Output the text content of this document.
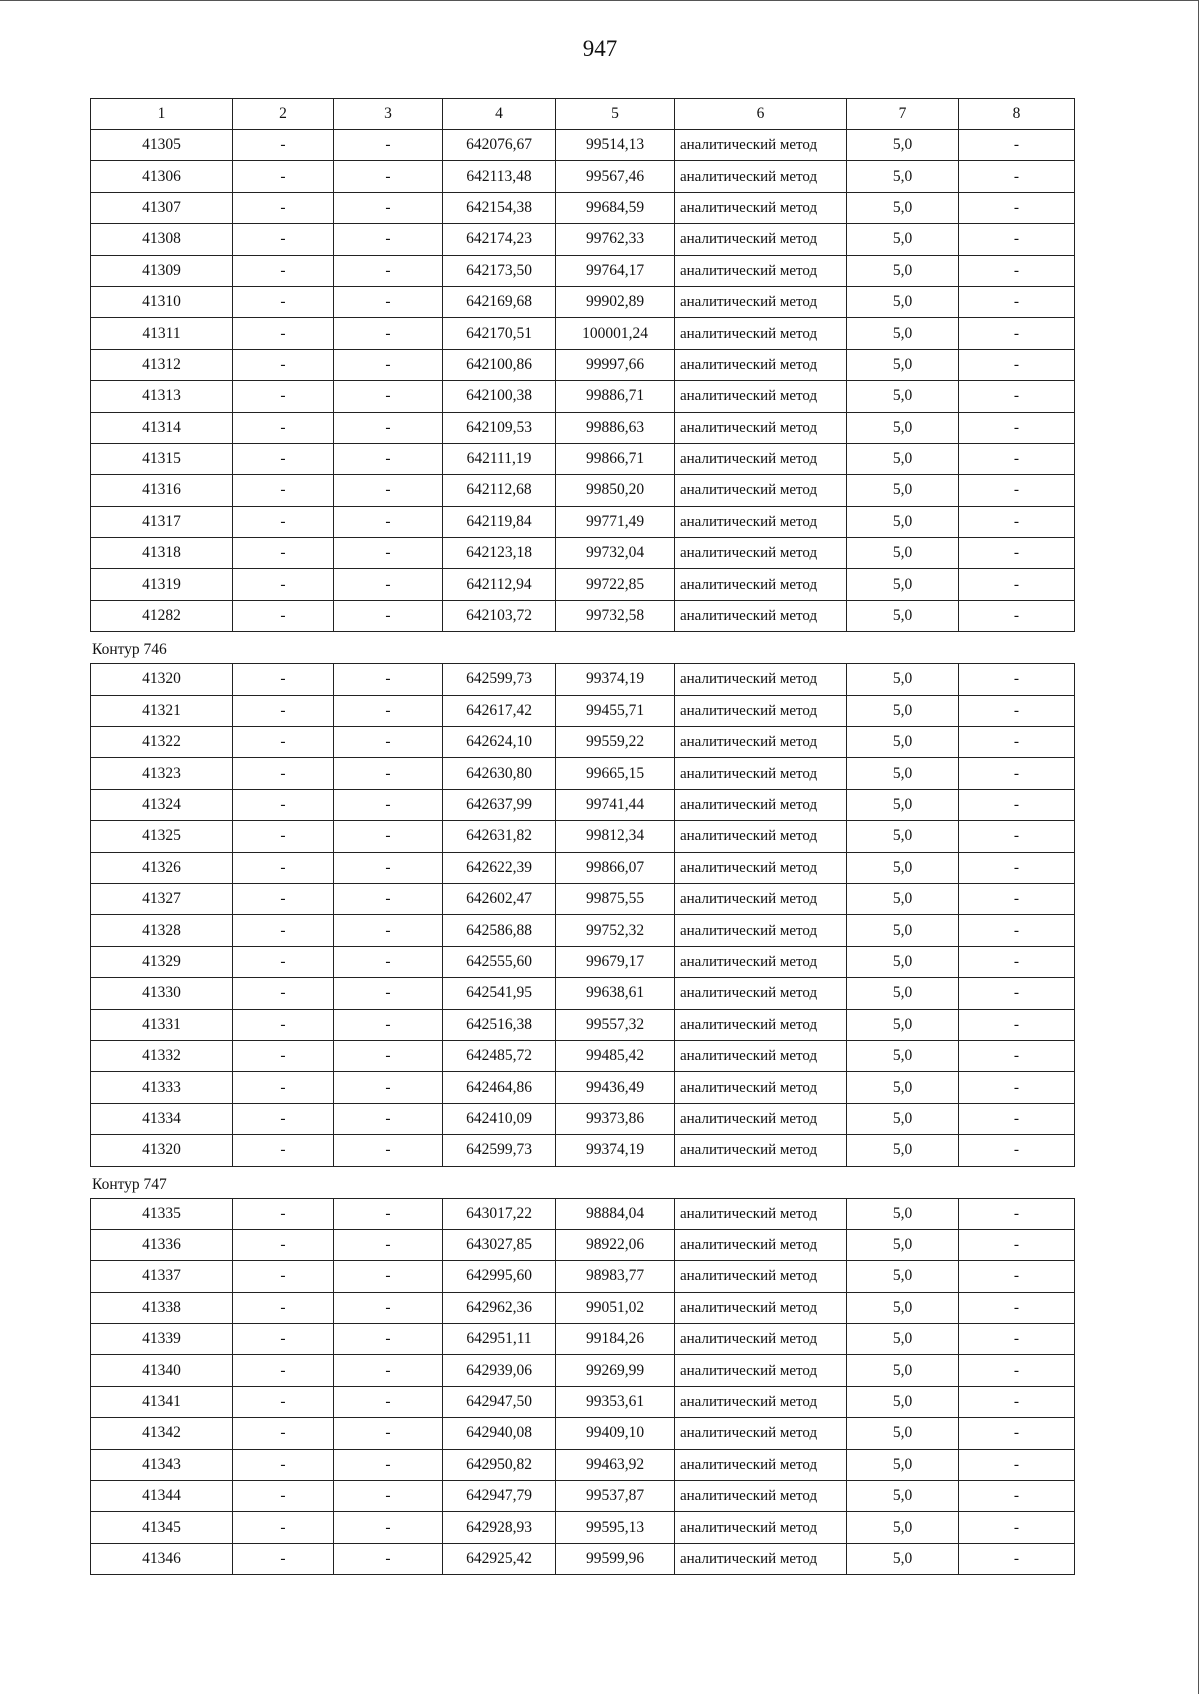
947
1	2	3	4	5	6	7	8
41305	-	-	642076,67	99514,13	аналитический метод	5,0	-
41306	-	-	642113,48	99567,46	аналитический метод	5,0	-
41307	-	-	642154,38	99684,59	аналитический метод	5,0	-
41308	-	-	642174,23	99762,33	аналитический метод	5,0	-
41309	-	-	642173,50	99764,17	аналитический метод	5,0	-
41310	-	-	642169,68	99902,89	аналитический метод	5,0	-
41311	-	-	642170,51	100001,24	аналитический метод	5,0	-
41312	-	-	642100,86	99997,66	аналитический метод	5,0	-
41313	-	-	642100,38	99886,71	аналитический метод	5,0	-
41314	-	-	642109,53	99886,63	аналитический метод	5,0	-
41315	-	-	642111,19	99866,71	аналитический метод	5,0	-
41316	-	-	642112,68	99850,20	аналитический метод	5,0	-
41317	-	-	642119,84	99771,49	аналитический метод	5,0	-
41318	-	-	642123,18	99732,04	аналитический метод	5,0	-
41319	-	-	642112,94	99722,85	аналитический метод	5,0	-
41282	-	-	642103,72	99732,58	аналитический метод	5,0	-
Контур 746
41320	-	-	642599,73	99374,19	аналитический метод	5,0	-
41321	-	-	642617,42	99455,71	аналитический метод	5,0	-
41322	-	-	642624,10	99559,22	аналитический метод	5,0	-
41323	-	-	642630,80	99665,15	аналитический метод	5,0	-
41324	-	-	642637,99	99741,44	аналитический метод	5,0	-
41325	-	-	642631,82	99812,34	аналитический метод	5,0	-
41326	-	-	642622,39	99866,07	аналитический метод	5,0	-
41327	-	-	642602,47	99875,55	аналитический метод	5,0	-
41328	-	-	642586,88	99752,32	аналитический метод	5,0	-
41329	-	-	642555,60	99679,17	аналитический метод	5,0	-
41330	-	-	642541,95	99638,61	аналитический метод	5,0	-
41331	-	-	642516,38	99557,32	аналитический метод	5,0	-
41332	-	-	642485,72	99485,42	аналитический метод	5,0	-
41333	-	-	642464,86	99436,49	аналитический метод	5,0	-
41334	-	-	642410,09	99373,86	аналитический метод	5,0	-
41320	-	-	642599,73	99374,19	аналитический метод	5,0	-
Контур 747
41335	-	-	643017,22	98884,04	аналитический метод	5,0	-
41336	-	-	643027,85	98922,06	аналитический метод	5,0	-
41337	-	-	642995,60	98983,77	аналитический метод	5,0	-
41338	-	-	642962,36	99051,02	аналитический метод	5,0	-
41339	-	-	642951,11	99184,26	аналитический метод	5,0	-
41340	-	-	642939,06	99269,99	аналитический метод	5,0	-
41341	-	-	642947,50	99353,61	аналитический метод	5,0	-
41342	-	-	642940,08	99409,10	аналитический метод	5,0	-
41343	-	-	642950,82	99463,92	аналитический метод	5,0	-
41344	-	-	642947,79	99537,87	аналитический метод	5,0	-
41345	-	-	642928,93	99595,13	аналитический метод	5,0	-
41346	-	-	642925,42	99599,96	аналитический метод	5,0	-
